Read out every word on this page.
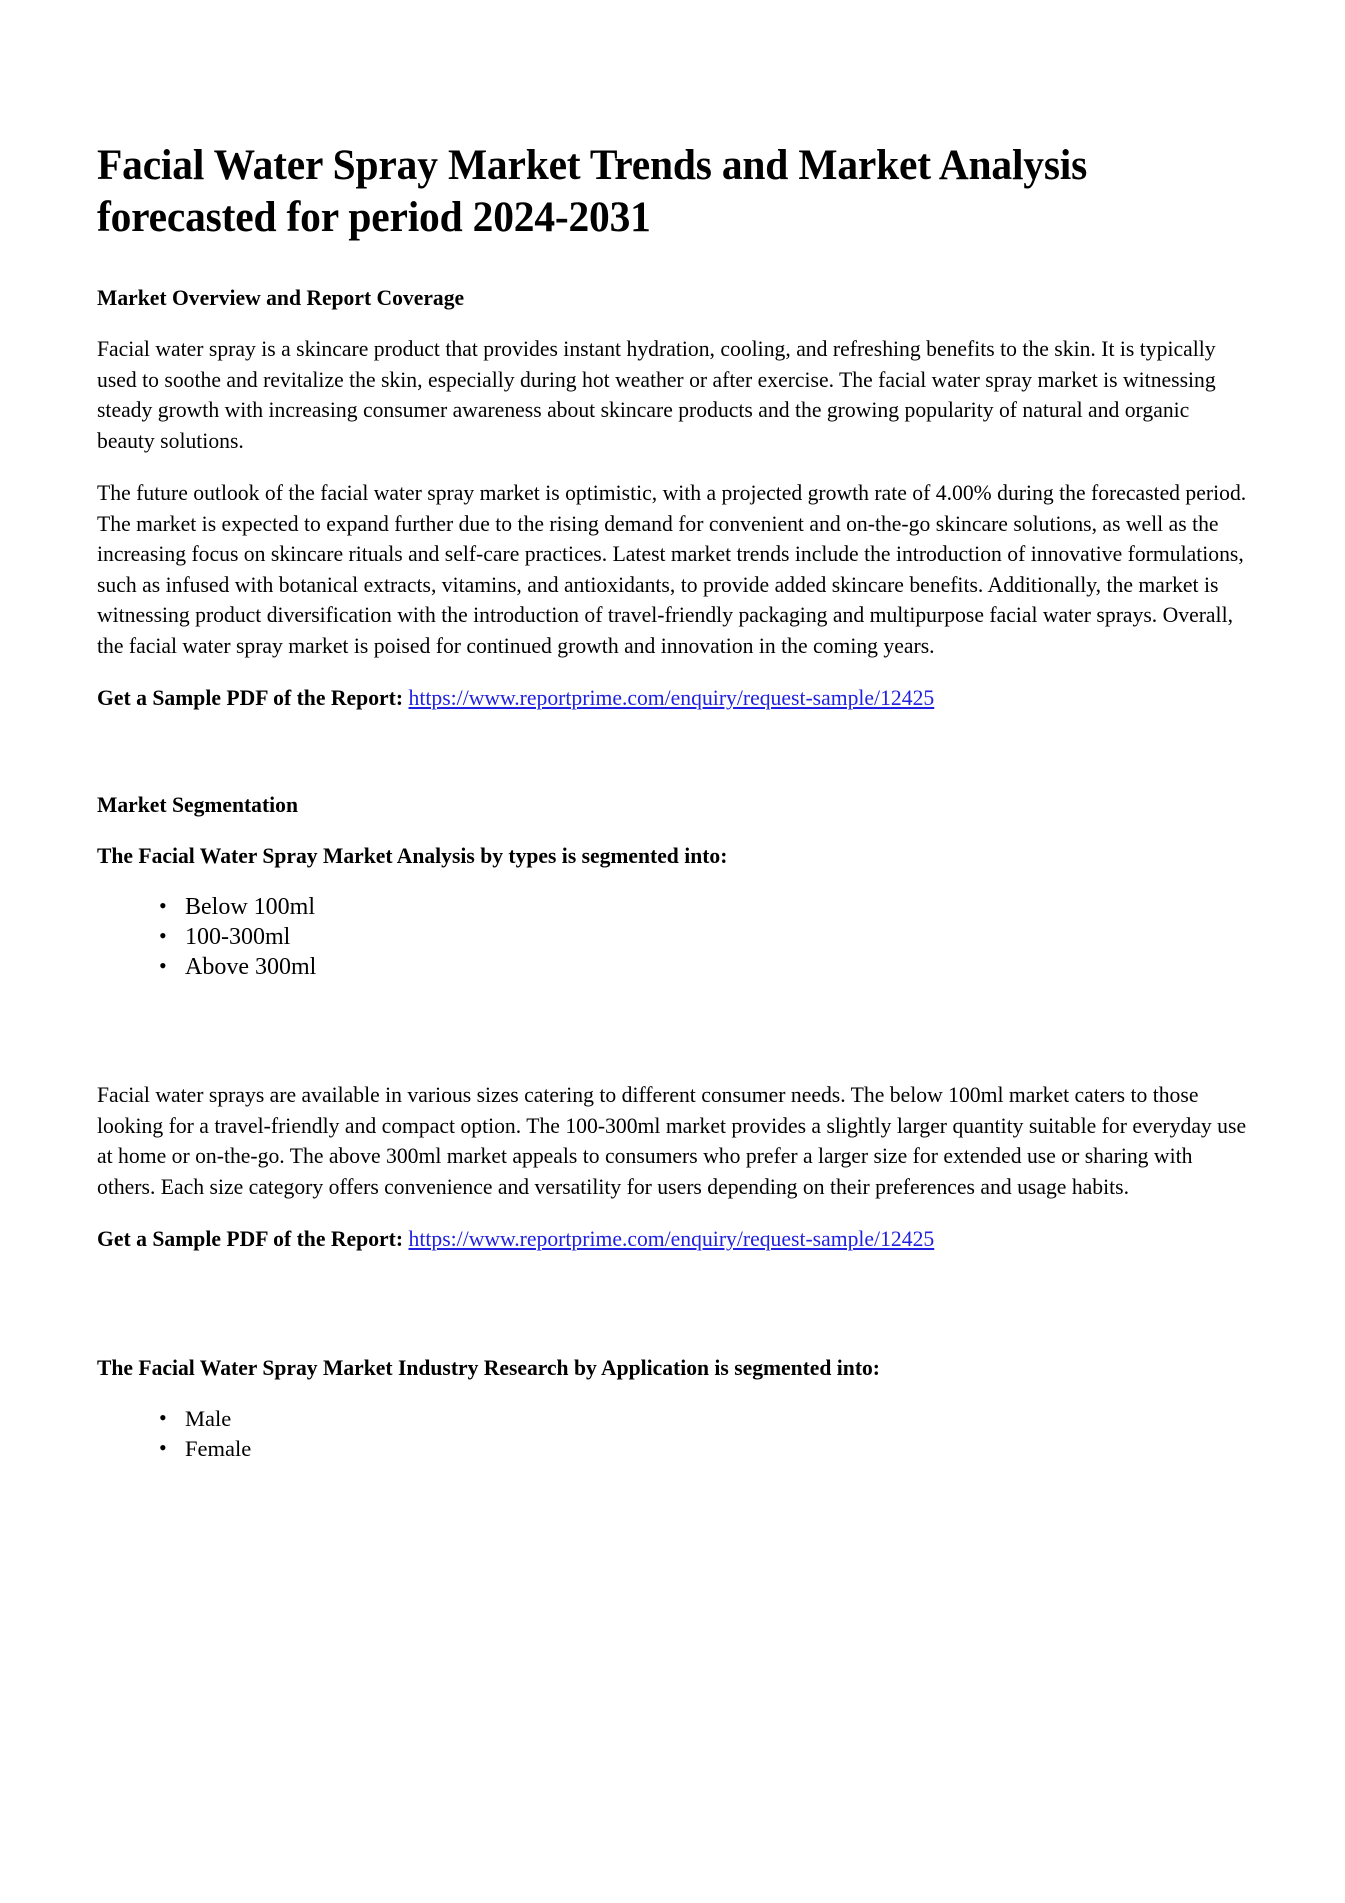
Facial Water Spray Market Trends and Market Analysis forecasted for period 2024-2031
Market Overview and Report Coverage

Facial water spray is a skincare product that provides instant hydration, cooling, and refreshing benefits to the skin. It is typically used to soothe and revitalize the skin, especially during hot weather or after exercise. The facial water spray market is witnessing steady growth with increasing consumer awareness about skincare products and the growing popularity of natural and organic beauty solutions.

The future outlook of the facial water spray market is optimistic, with a projected growth rate of 4.00% during the forecasted period. The market is expected to expand further due to the rising demand for convenient and on-the-go skincare solutions, as well as the increasing focus on skincare rituals and self-care practices. Latest market trends include the introduction of innovative formulations, such as infused with botanical extracts, vitamins, and antioxidants, to provide added skincare benefits. Additionally, the market is witnessing product diversification with the introduction of travel-friendly packaging and multipurpose facial water sprays. Overall, the facial water spray market is poised for continued growth and innovation in the coming years.

Get a Sample PDF of the Report: https://www.reportprime.com/enquiry/request-sample/12425

Market Segmentation
The Facial Water Spray Market Analysis by types is segmented into:
• Below 100ml
• 100-300ml
• Above 300ml

Facial water sprays are available in various sizes catering to different consumer needs. The below 100ml market caters to those looking for a travel-friendly and compact option. The 100-300ml market provides a slightly larger quantity suitable for everyday use at home or on-the-go. The above 300ml market appeals to consumers who prefer a larger size for extended use or sharing with others. Each size category offers convenience and versatility for users depending on their preferences and usage habits.

Get a Sample PDF of the Report: https://www.reportprime.com/enquiry/request-sample/12425

The Facial Water Spray Market Industry Research by Application is segmented into:
• Male
• Female
